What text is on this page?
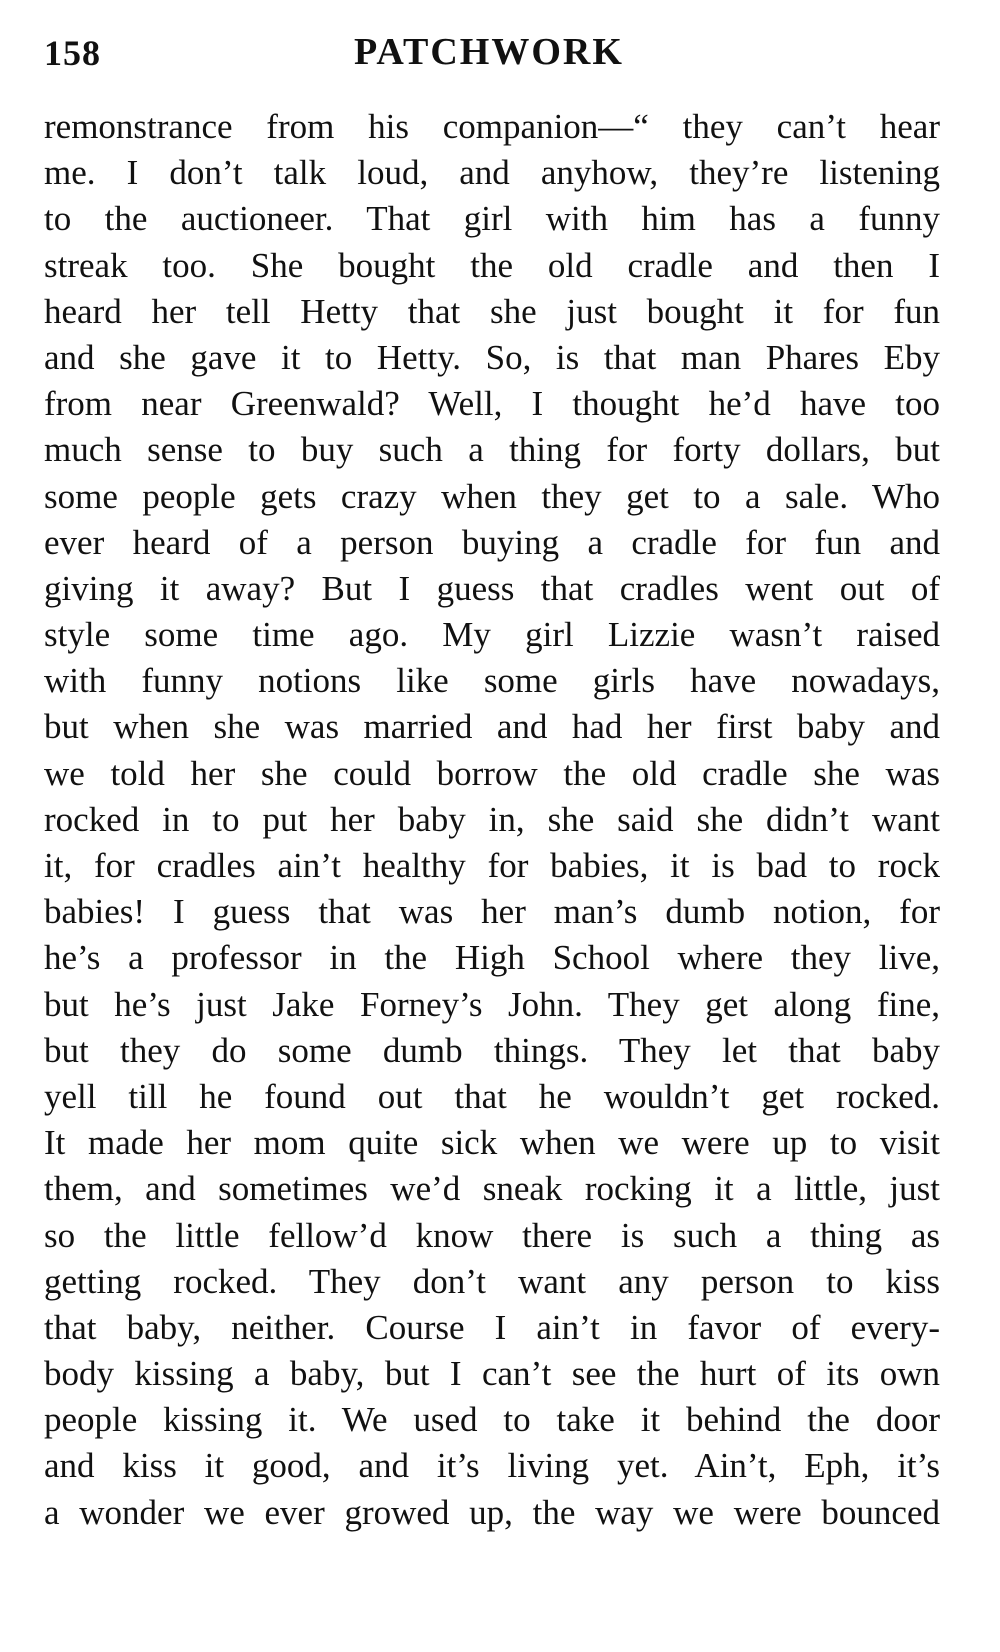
158	PATCHWORK
remonstrance from his companion—“ they can’t hear
me. I don’t talk loud, and anyhow, they’re listening
to the auctioneer. That girl with him has a funny
streak too. She bought the old cradle and then I
heard her tell Hetty that she just bought it for fun
and she gave it to Hetty. So, is that man Phares Eby
from near Greenwald? Well, I thought he’d have too
much sense to buy such a thing for forty dollars, but
some people gets crazy when they get to a sale. Who
ever heard of a person buying a cradle for fun and
giving it away? But I guess that cradles went out of
style some time ago. My girl Lizzie wasn’t raised
with funny notions like some girls have nowadays,
but when she was married and had her first baby and
we told her she could borrow the old cradle she was
rocked in to put her baby in, she said she didn’t want
it, for cradles ain’t healthy for babies, it is bad to rock
babies! I guess that was her man’s dumb notion, for
he’s a professor in the High School where they live,
but he’s just Jake Forney’s John. They get along fine,
but they do some dumb things. They let that baby
yell till he found out that he wouldn’t get rocked.
It made her mom quite sick when we were up to visit
them, and sometimes we’d sneak rocking it a little, just
so the little fellow’d know there is such a thing as
getting rocked. They don’t want any person to kiss
that baby, neither. Course I ain’t in favor of every-
body kissing a baby, but I can’t see the hurt of its own
people kissing it. We used to take it behind the door
and kiss it good, and it’s living yet. Ain’t, Eph, it’s
a wonder we ever growed up, the way we were bounced
